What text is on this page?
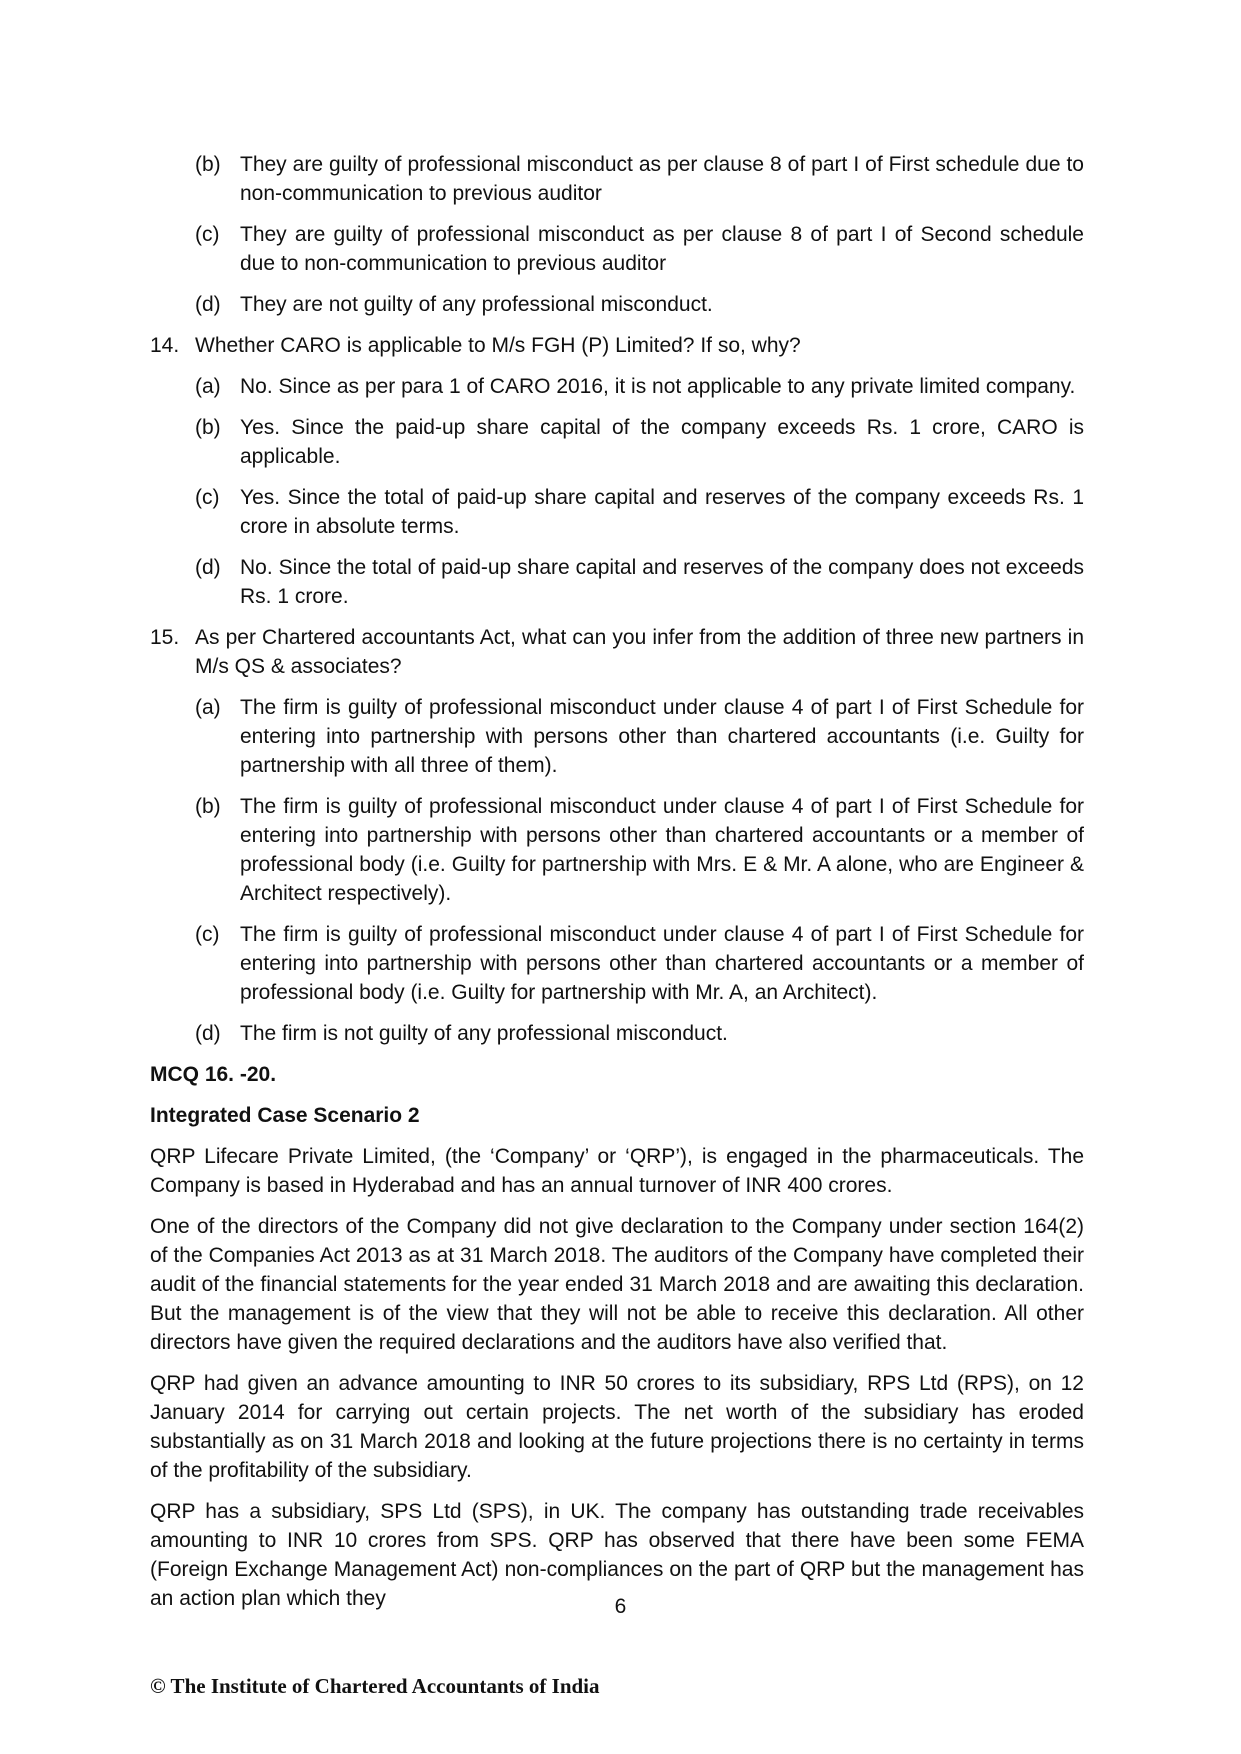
(b) They are guilty of professional misconduct as per clause 8 of part I of First schedule due to non-communication to previous auditor
(c) They are guilty of professional misconduct as per clause 8 of part I of Second schedule due to non-communication to previous auditor
(d) They are not guilty of any professional misconduct.
14. Whether CARO is applicable to M/s FGH (P) Limited? If so, why?
(a) No. Since as per para 1 of CARO 2016, it is not applicable to any private limited company.
(b) Yes. Since the paid-up share capital of the company exceeds Rs. 1 crore, CARO is applicable.
(c) Yes. Since the total of paid-up share capital and reserves of the company exceeds Rs. 1 crore in absolute terms.
(d) No. Since the total of paid-up share capital and reserves of the company does not exceeds Rs. 1 crore.
15. As per Chartered accountants Act, what can you infer from the addition of three new partners in M/s QS & associates?
(a) The firm is guilty of professional misconduct under clause 4 of part I of First Schedule for entering into partnership with persons other than chartered accountants (i.e. Guilty for partnership with all three of them).
(b) The firm is guilty of professional misconduct under clause 4 of part I of First Schedule for entering into partnership with persons other than chartered accountants or a member of professional body (i.e. Guilty for partnership with Mrs. E & Mr. A alone, who are Engineer & Architect respectively).
(c) The firm is guilty of professional misconduct under clause 4 of part I of First Schedule for entering into partnership with persons other than chartered accountants or a member of professional body (i.e. Guilty for partnership with Mr. A, an Architect).
(d) The firm is not guilty of any professional misconduct.
MCQ 16. -20.
Integrated Case Scenario 2

QRP Lifecare Private Limited, (the ‘Company’ or ‘QRP’), is engaged in the pharmaceuticals. The Company is based in Hyderabad and has an annual turnover of INR 400 crores.

One of the directors of the Company did not give declaration to the Company under section 164(2) of the Companies Act 2013 as at 31 March 2018. The auditors of the Company have completed their audit of the financial statements for the year ended 31 March 2018 and are awaiting this declaration. But the management is of the view that they will not be able to receive this declaration. All other directors have given the required declarations and the auditors have also verified that.

QRP had given an advance amounting to INR 50 crores to its subsidiary, RPS Ltd (RPS), on 12 January 2014 for carrying out certain projects. The net worth of the subsidiary has eroded substantially as on 31 March 2018 and looking at the future projections there is no certainty in terms of the profitability of the subsidiary.

QRP has a subsidiary, SPS Ltd (SPS), in UK. The company has outstanding trade receivables amounting to INR 10 crores from SPS. QRP has observed that there have been some FEMA (Foreign Exchange Management Act) non-compliances on the part of QRP but the management has an action plan which they	6
© The Institute of Chartered Accountants of India
